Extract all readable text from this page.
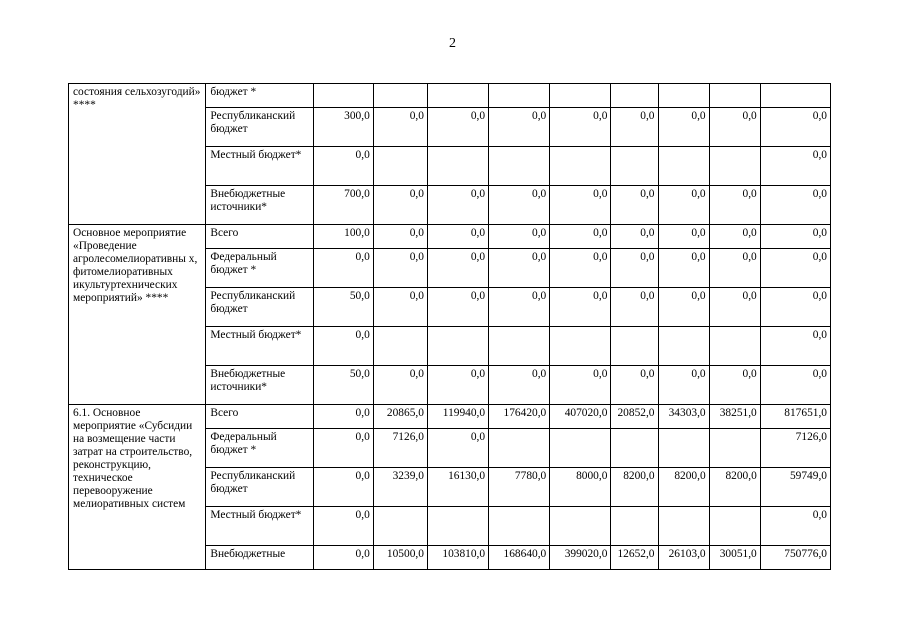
2
состояния сельхозугодий» ****	бюджет *									
	Республиканский бюджет	300,0	0,0	0,0	0,0	0,0	0,0	0,0	0,0	0,0
	Местный бюджет*	0,0								0,0
	Внебюджетные источники*	700,0	0,0	0,0	0,0	0,0	0,0	0,0	0,0	0,0
Основное мероприятие «Проведение агролесомелиоративны х, фитомелиоративных икультуртехнических мероприятий» ****	Всего	100,0	0,0	0,0	0,0	0,0	0,0	0,0	0,0	0,0
	Федеральный бюджет *	0,0	0,0	0,0	0,0	0,0	0,0	0,0	0,0	0,0
	Республиканский бюджет	50,0	0,0	0,0	0,0	0,0	0,0	0,0	0,0	0,0
	Местный бюджет*	0,0								0,0
	Внебюджетные источники*	50,0	0,0	0,0	0,0	0,0	0,0	0,0	0,0	0,0
6.1. Основное мероприятие «Субсидии на возмещение части затрат на строительство, реконструкцию, техническое перевооружение мелиоративных систем	Всего	0,0	20865,0	119940,0	176420,0	407020,0	20852,0	34303,0	38251,0	817651,0
	Федеральный бюджет *	0,0	7126,0	0,0						7126,0
	Республиканский бюджет	0,0	3239,0	16130,0	7780,0	8000,0	8200,0	8200,0	8200,0	59749,0
	Местный бюджет*	0,0								0,0
	Внебюджетные	0,0	10500,0	103810,0	168640,0	399020,0	12652,0	26103,0	30051,0	750776,0
